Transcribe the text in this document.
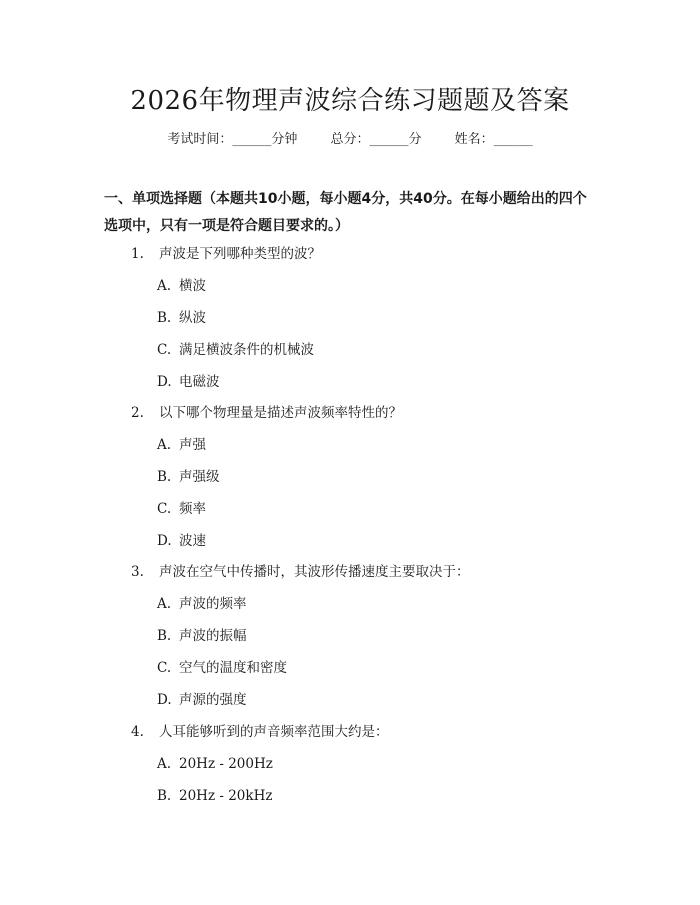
2026年物理声波综合练习题题及答案
考试时间：______分钟	总分：______分	姓名：______
一、单项选择题（本题共10小题，每小题4分，共40分。在每小题给出的四个
选项中，只有一项是符合题目要求的。）
1. 声波是下列哪种类型的波？
A. 横波
B. 纵波
C. 满足横波条件的机械波
D. 电磁波
2. 以下哪个物理量是描述声波频率特性的？
A. 声强
B. 声强级
C. 频率
D. 波速
3. 声波在空气中传播时，其波形传播速度主要取决于：
A. 声波的频率
B. 声波的振幅
C. 空气的温度和密度
D. 声源的强度
4. 人耳能够听到的声音频率范围大约是：
A. 20Hz - 200Hz
B. 20Hz - 20kHz
